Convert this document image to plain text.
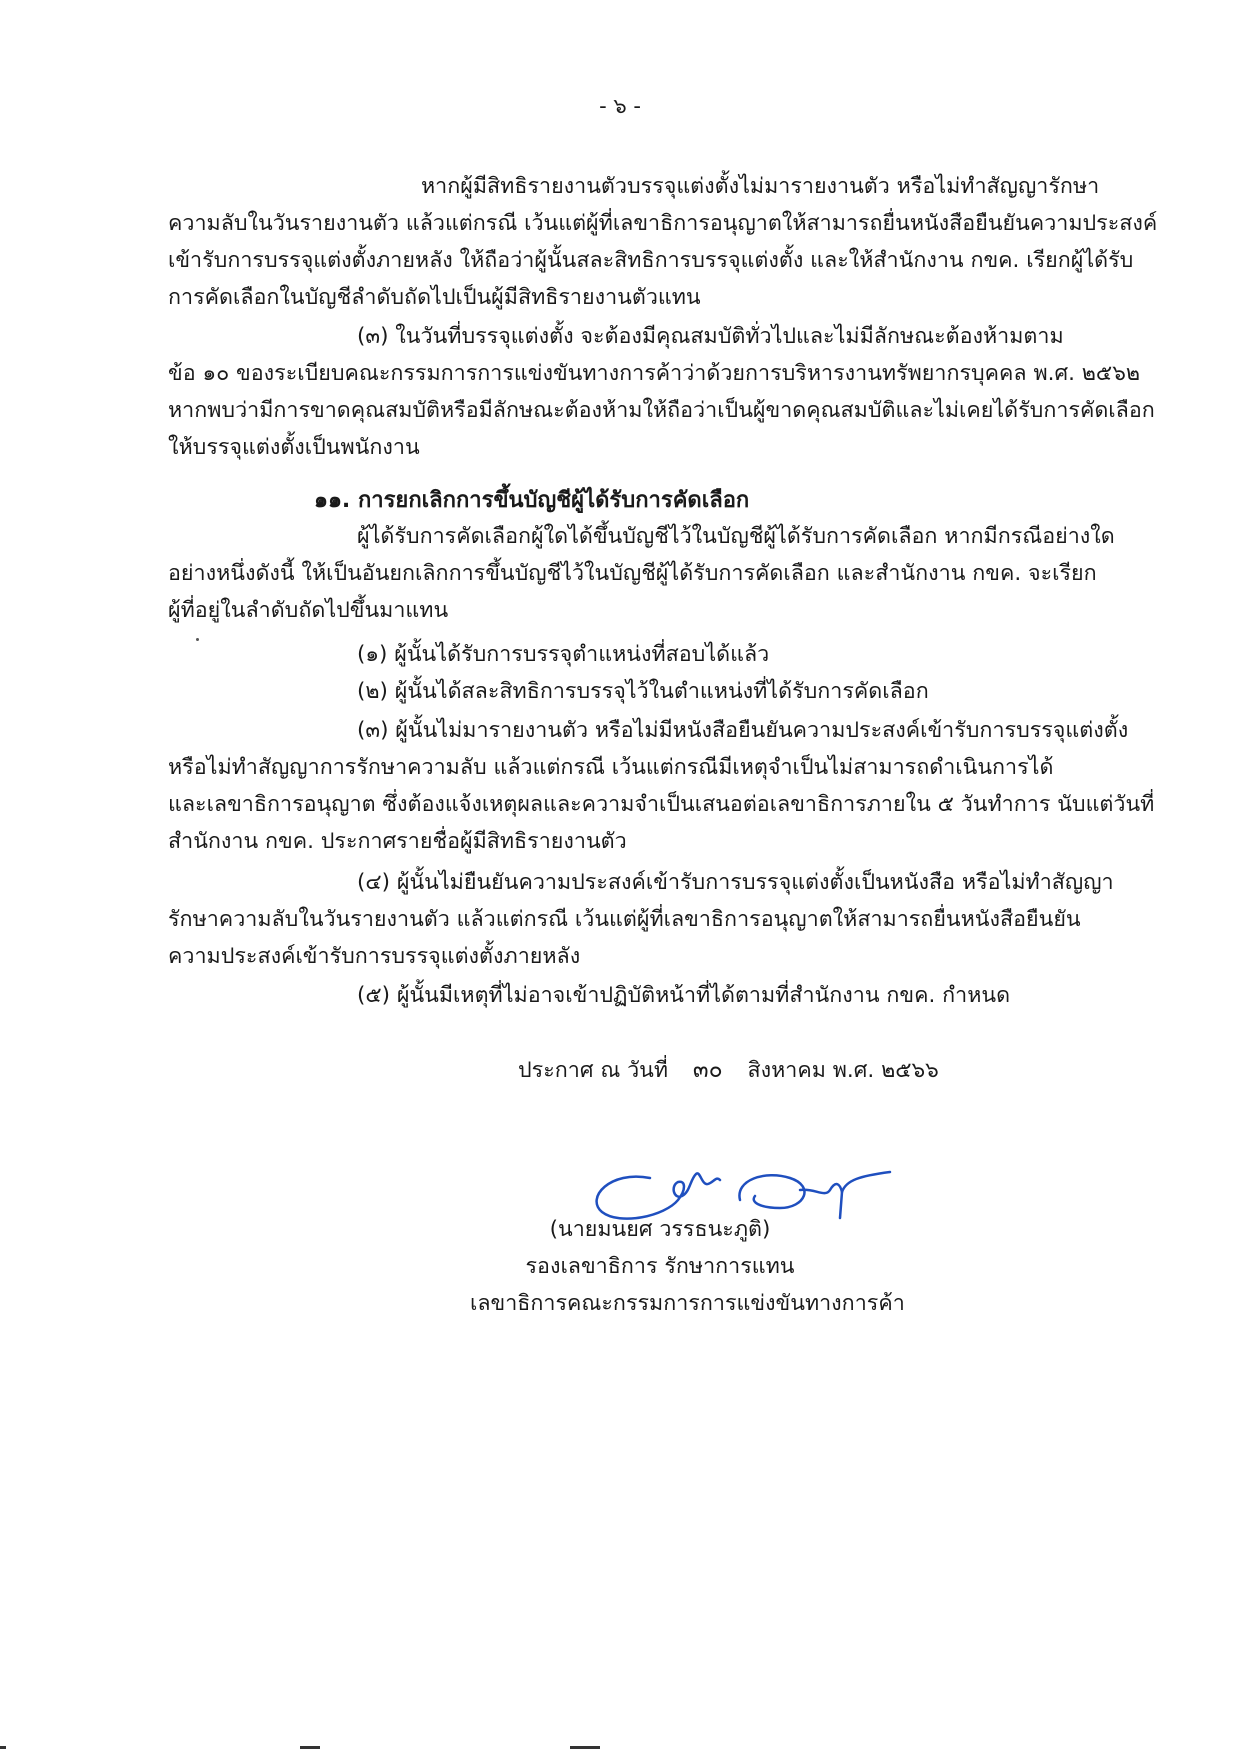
- ๖ -
หากผู้มีสิทธิรายงานตัวบรรจุแต่งตั้งไม่มารายงานตัว หรือไม่ทำสัญญารักษา
ความลับในวันรายงานตัว แล้วแต่กรณี เว้นแต่ผู้ที่เลขาธิการอนุญาตให้สามารถยื่นหนังสือยืนยันความประสงค์
เข้ารับการบรรจุแต่งตั้งภายหลัง ให้ถือว่าผู้นั้นสละสิทธิการบรรจุแต่งตั้ง และให้สำนักงาน กขค. เรียกผู้ได้รับ
การคัดเลือกในบัญชีลำดับถัดไปเป็นผู้มีสิทธิรายงานตัวแทน
(๓) ในวันที่บรรจุแต่งตั้ง จะต้องมีคุณสมบัติทั่วไปและไม่มีลักษณะต้องห้ามตาม
ข้อ ๑๐ ของระเบียบคณะกรรมการการแข่งขันทางการค้าว่าด้วยการบริหารงานทรัพยากรบุคคล พ.ศ. ๒๕๖๒
หากพบว่ามีการขาดคุณสมบัติหรือมีลักษณะต้องห้ามให้ถือว่าเป็นผู้ขาดคุณสมบัติและไม่เคยได้รับการคัดเลือก
ให้บรรจุแต่งตั้งเป็นพนักงาน
๑๑. การยกเลิกการขึ้นบัญชีผู้ได้รับการคัดเลือก
ผู้ได้รับการคัดเลือกผู้ใดได้ขึ้นบัญชีไว้ในบัญชีผู้ได้รับการคัดเลือก หากมีกรณีอย่างใด
อย่างหนึ่งดังนี้ ให้เป็นอันยกเลิกการขึ้นบัญชีไว้ในบัญชีผู้ได้รับการคัดเลือก และสำนักงาน กขค. จะเรียก
ผู้ที่อยู่ในลำดับถัดไปขึ้นมาแทน
(๑) ผู้นั้นได้รับการบรรจุตำแหน่งที่สอบได้แล้ว
(๒) ผู้นั้นได้สละสิทธิการบรรจุไว้ในตำแหน่งที่ได้รับการคัดเลือก
(๓) ผู้นั้นไม่มารายงานตัว หรือไม่มีหนังสือยืนยันความประสงค์เข้ารับการบรรจุแต่งตั้ง
หรือไม่ทำสัญญาการรักษาความลับ แล้วแต่กรณี เว้นแต่กรณีมีเหตุจำเป็นไม่สามารถดำเนินการได้
และเลขาธิการอนุญาต ซึ่งต้องแจ้งเหตุผลและความจำเป็นเสนอต่อเลขาธิการภายใน ๕ วันทำการ นับแต่วันที่
สำนักงาน กขค. ประกาศรายชื่อผู้มีสิทธิรายงานตัว
(๔) ผู้นั้นไม่ยืนยันความประสงค์เข้ารับการบรรจุแต่งตั้งเป็นหนังสือ หรือไม่ทำสัญญา
รักษาความลับในวันรายงานตัว แล้วแต่กรณี เว้นแต่ผู้ที่เลขาธิการอนุญาตให้สามารถยื่นหนังสือยืนยัน
ความประสงค์เข้ารับการบรรจุแต่งตั้งภายหลัง
(๕) ผู้นั้นมีเหตุที่ไม่อาจเข้าปฏิบัติหน้าที่ได้ตามที่สำนักงาน กขค. กำหนด
ประกาศ ณ วันที่ ๓๐ สิงหาคม พ.ศ. ๒๕๖๖
(นายมนยศ วรรธนะภูติ)
รองเลขาธิการ รักษาการแทน
เลขาธิการคณะกรรมการการแข่งขันทางการค้า
